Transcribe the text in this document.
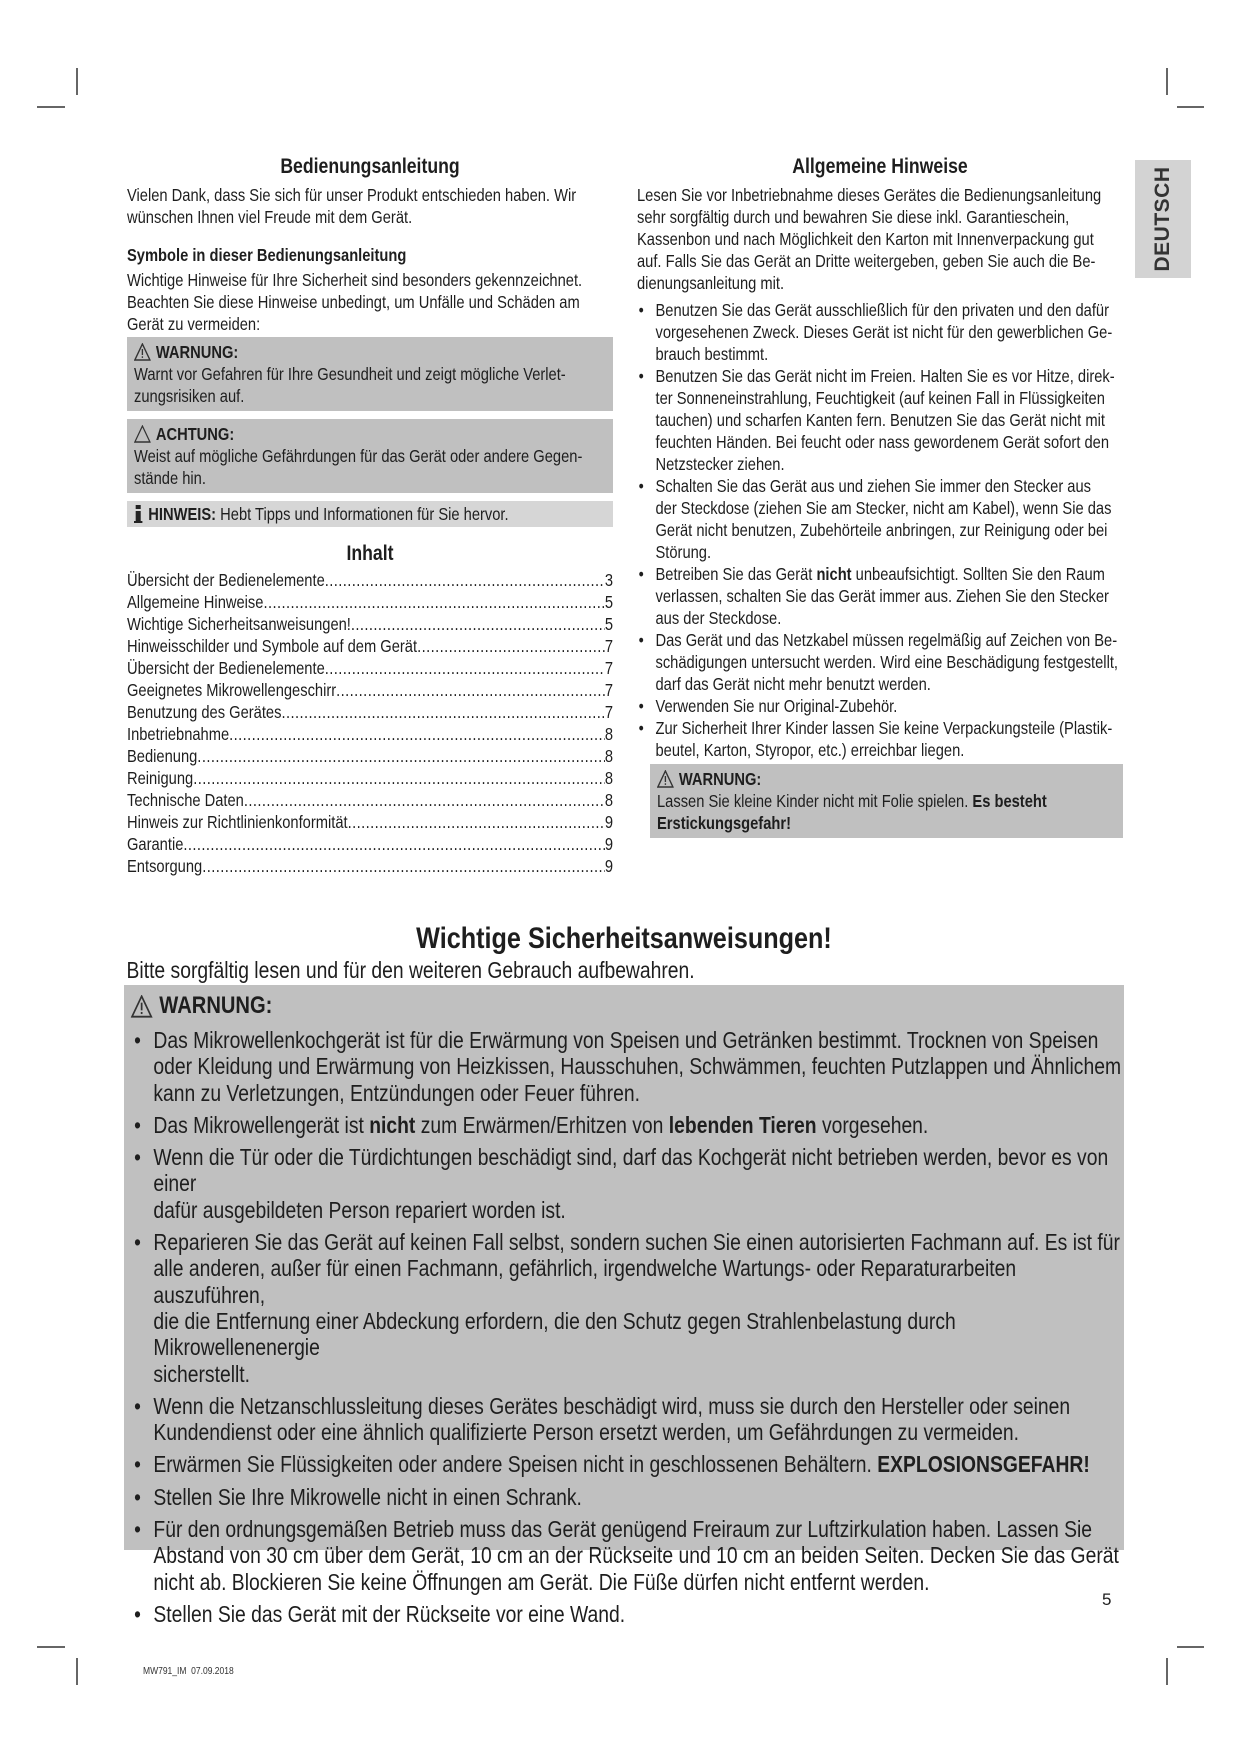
Bedienungsanleitung
Vielen Dank, dass Sie sich für unser Produkt entschieden haben. Wir
wünschen Ihnen viel Freude mit dem Gerät.
Symbole in dieser Bedienungsanleitung
Wichtige Hinweise für Ihre Sicherheit sind besonders gekennzeichnet.
Beachten Sie diese Hinweise unbedingt, um Unfälle und Schäden am
Gerät zu vermeiden:
WARNUNG:
Warnt vor Gefahren für Ihre Gesundheit und zeigt mögliche Verlet-
zungsrisiken auf.
ACHTUNG:
Weist auf mögliche Gefährdungen für das Gerät oder andere Gegen-
stände hin.
HINWEIS: Hebt Tipps und Informationen für Sie hervor.
Inhalt
Übersicht der Bedienelemente .....	3
Allgemeine Hinweise .....	5
Wichtige Sicherheitsanweisungen! .....	5
Hinweisschilder und Symbole auf dem Gerät .....	7
Übersicht der Bedienelemente .....	7
Geeignetes Mikrowellengeschirr .....	7
Benutzung des Gerätes .....	7
Inbetriebnahme .....	8
Bedienung .....	8
Reinigung .....	8
Technische Daten .....	8
Hinweis zur Richtlinienkonformität .....	9
Garantie .....	9
Entsorgung .....	9
Allgemeine Hinweise
Lesen Sie vor Inbetriebnahme dieses Gerätes die Bedienungsanleitung
sehr sorgfältig durch und bewahren Sie diese inkl. Garantieschein,
Kassenbon und nach Möglichkeit den Karton mit Innenverpackung gut
auf. Falls Sie das Gerät an Dritte weitergeben, geben Sie auch die Be-
dienungsanleitung mit.
• Benutzen Sie das Gerät ausschließlich für den privaten und den dafür
vorgesehenen Zweck. Dieses Gerät ist nicht für den gewerblichen Ge-
brauch bestimmt.
• Benutzen Sie das Gerät nicht im Freien. Halten Sie es vor Hitze, direk-
ter Sonneneinstrahlung, Feuchtigkeit (auf keinen Fall in Flüssigkeiten
tauchen) und scharfen Kanten fern. Benutzen Sie das Gerät nicht mit
feuchten Händen. Bei feucht oder nass gewordenem Gerät sofort den
Netzstecker ziehen.
• Schalten Sie das Gerät aus und ziehen Sie immer den Stecker aus
der Steckdose (ziehen Sie am Stecker, nicht am Kabel), wenn Sie das
Gerät nicht benutzen, Zubehörteile anbringen, zur Reinigung oder bei
Störung.
• Betreiben Sie das Gerät nicht unbeaufsichtigt. Sollten Sie den Raum
verlassen, schalten Sie das Gerät immer aus. Ziehen Sie den Stecker
aus der Steckdose.
• Das Gerät und das Netzkabel müssen regelmäßig auf Zeichen von Be-
schädigungen untersucht werden. Wird eine Beschädigung festgestellt,
darf das Gerät nicht mehr benutzt werden.
• Verwenden Sie nur Original-Zubehör.
• Zur Sicherheit Ihrer Kinder lassen Sie keine Verpackungsteile (Plastik-
beutel, Karton, Styropor, etc.) erreichbar liegen.
WARNUNG:
Lassen Sie kleine Kinder nicht mit Folie spielen. Es besteht
Erstickungsgefahr!
DEUTSCH
Wichtige Sicherheitsanweisungen!
Bitte sorgfältig lesen und für den weiteren Gebrauch aufbewahren.
WARNUNG:
• Das Mikrowellenkochgerät ist für die Erwärmung von Speisen und Getränken bestimmt. Trocknen von Speisen
oder Kleidung und Erwärmung von Heizkissen, Hausschuhen, Schwämmen, feuchten Putzlappen und Ähnlichem
kann zu Verletzungen, Entzündungen oder Feuer führen.
• Das Mikrowellengerät ist nicht zum Erwärmen/Erhitzen von lebenden Tieren vorgesehen.
• Wenn die Tür oder die Türdichtungen beschädigt sind, darf das Kochgerät nicht betrieben werden, bevor es von einer
dafür ausgebildeten Person repariert worden ist.
• Reparieren Sie das Gerät auf keinen Fall selbst, sondern suchen Sie einen autorisierten Fachmann auf. Es ist für
alle anderen, außer für einen Fachmann, gefährlich, irgendwelche Wartungs- oder Reparaturarbeiten auszuführen,
die die Entfernung einer Abdeckung erfordern, die den Schutz gegen Strahlenbelastung durch Mikrowellenenergie
sicherstellt.
• Wenn die Netzanschlussleitung dieses Gerätes beschädigt wird, muss sie durch den Hersteller oder seinen
Kundendienst oder eine ähnlich qualifizierte Person ersetzt werden, um Gefährdungen zu vermeiden.
• Erwärmen Sie Flüssigkeiten oder andere Speisen nicht in geschlossenen Behältern. EXPLOSIONSGEFAHR!
• Stellen Sie Ihre Mikrowelle nicht in einen Schrank.
• Für den ordnungsgemäßen Betrieb muss das Gerät genügend Freiraum zur Luftzirkulation haben. Lassen Sie
Abstand von 30 cm über dem Gerät, 10 cm an der Rückseite und 10 cm an beiden Seiten. Decken Sie das Gerät
nicht ab. Blockieren Sie keine Öffnungen am Gerät. Die Füße dürfen nicht entfernt werden.
• Stellen Sie das Gerät mit der Rückseite vor eine Wand.
5
MW791_IM  07.09.2018
